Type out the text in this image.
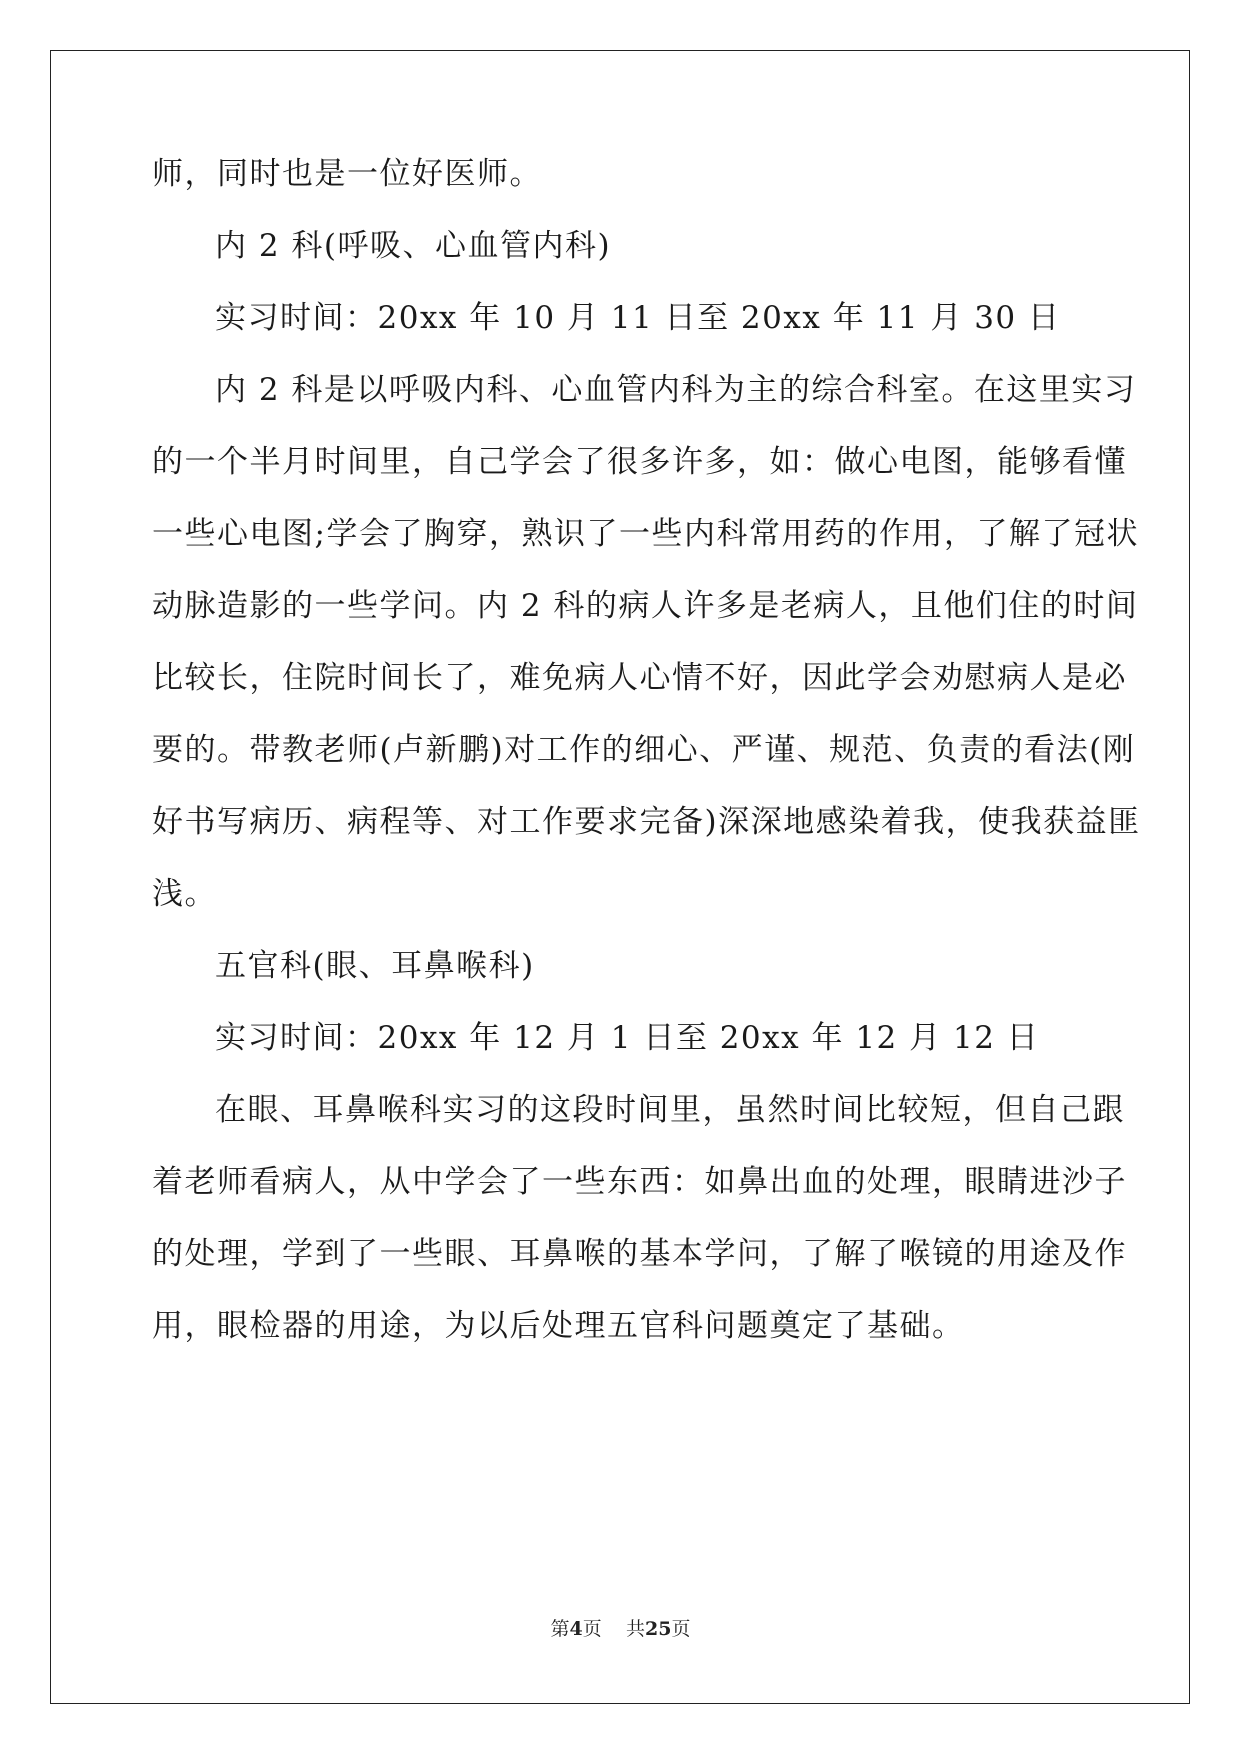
师，同时也是一位好医师。
内 2 科(呼吸、心血管内科)
实习时间：20xx 年 10 月 11 日至 20xx 年 11 月 30 日
内 2 科是以呼吸内科、心血管内科为主的综合科室。在这里实习
的一个半月时间里，自己学会了很多许多，如：做心电图，能够看懂
一些心电图;学会了胸穿，熟识了一些内科常用药的作用，了解了冠状
动脉造影的一些学问。内 2 科的病人许多是老病人，且他们住的时间
比较长，住院时间长了，难免病人心情不好，因此学会劝慰病人是必
要的。带教老师(卢新鹏)对工作的细心、严谨、规范、负责的看法(刚
好书写病历、病程等、对工作要求完备)深深地感染着我，使我获益匪
浅。
五官科(眼、耳鼻喉科)
实习时间：20xx 年 12 月 1 日至 20xx 年 12 月 12 日
在眼、耳鼻喉科实习的这段时间里，虽然时间比较短，但自己跟
着老师看病人，从中学会了一些东西：如鼻出血的处理，眼睛进沙子
的处理，学到了一些眼、耳鼻喉的基本学问，了解了喉镜的用途及作
用，眼检器的用途，为以后处理五官科问题奠定了基础。
第4页 共25页
